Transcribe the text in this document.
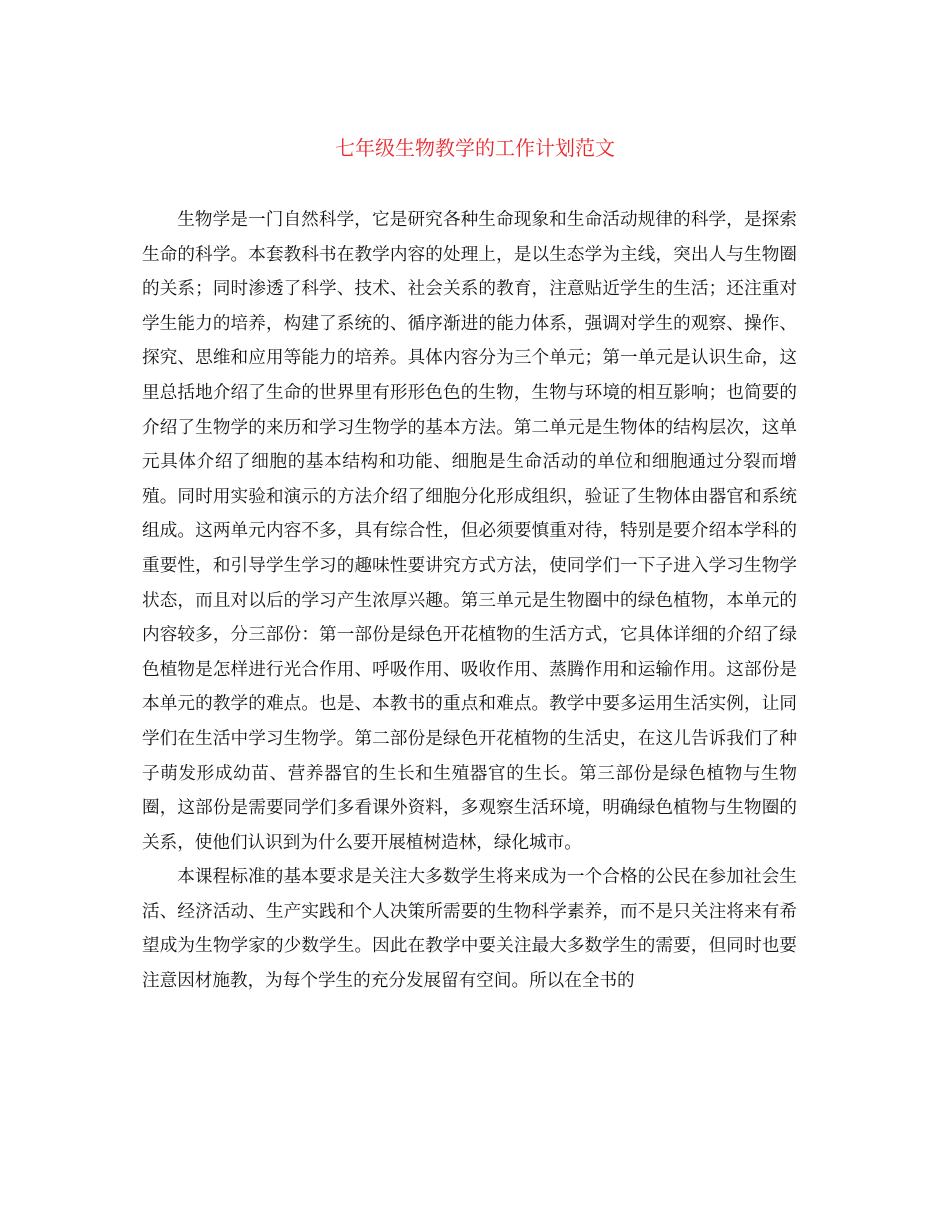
七年级生物教学的工作计划范文

生物学是一门自然科学，它是研究各种生命现象和生命活动规律的科学，是探索生命的科学。本套教科书在教学内容的处理上，是以生态学为主线，突出人与生物圈的关系；同时渗透了科学、技术、社会关系的教育，注意贴近学生的生活；还注重对学生能力的培养，构建了系统的、循序渐进的能力体系，强调对学生的观察、操作、探究、思维和应用等能力的培养。具体内容分为三个单元；第一单元是认识生命，这里总括地介绍了生命的世界里有形形色色的生物，生物与环境的相互影响；也简要的介绍了生物学的来历和学习生物学的基本方法。第二单元是生物体的结构层次，这单元具体介绍了细胞的基本结构和功能、细胞是生命活动的单位和细胞通过分裂而增殖。同时用实验和演示的方法介绍了细胞分化形成组织，验证了生物体由器官和系统组成。这两单元内容不多，具有综合性，但必须要慎重对待，特别是要介绍本学科的重要性，和引导学生学习的趣味性要讲究方式方法，使同学们一下子进入学习生物学状态，而且对以后的学习产生浓厚兴趣。第三单元是生物圈中的绿色植物，本单元的内容较多，分三部份：第一部份是绿色开花植物的生活方式，它具体详细的介绍了绿色植物是怎样进行光合作用、呼吸作用、吸收作用、蒸腾作用和运输作用。这部份是本单元的教学的难点。也是、本教书的重点和难点。教学中要多运用生活实例，让同学们在生活中学习生物学。第二部份是绿色开花植物的生活史，在这儿告诉我们了种子萌发形成幼苗、营养器官的生长和生殖器官的生长。第三部份是绿色植物与生物圈，这部份是需要同学们多看课外资料，多观察生活环境，明确绿色植物与生物圈的关系，使他们认识到为什么要开展植树造林，绿化城市。

本课程标准的基本要求是关注大多数学生将来成为一个合格的公民在参加社会生活、经济活动、生产实践和个人决策所需要的生物科学素养，而不是只关注将来有希望成为生物学家的少数学生。因此在教学中要关注最大多数学生的需要，但同时也要注意因材施教，为每个学生的充分发展留有空间。所以在全书的
